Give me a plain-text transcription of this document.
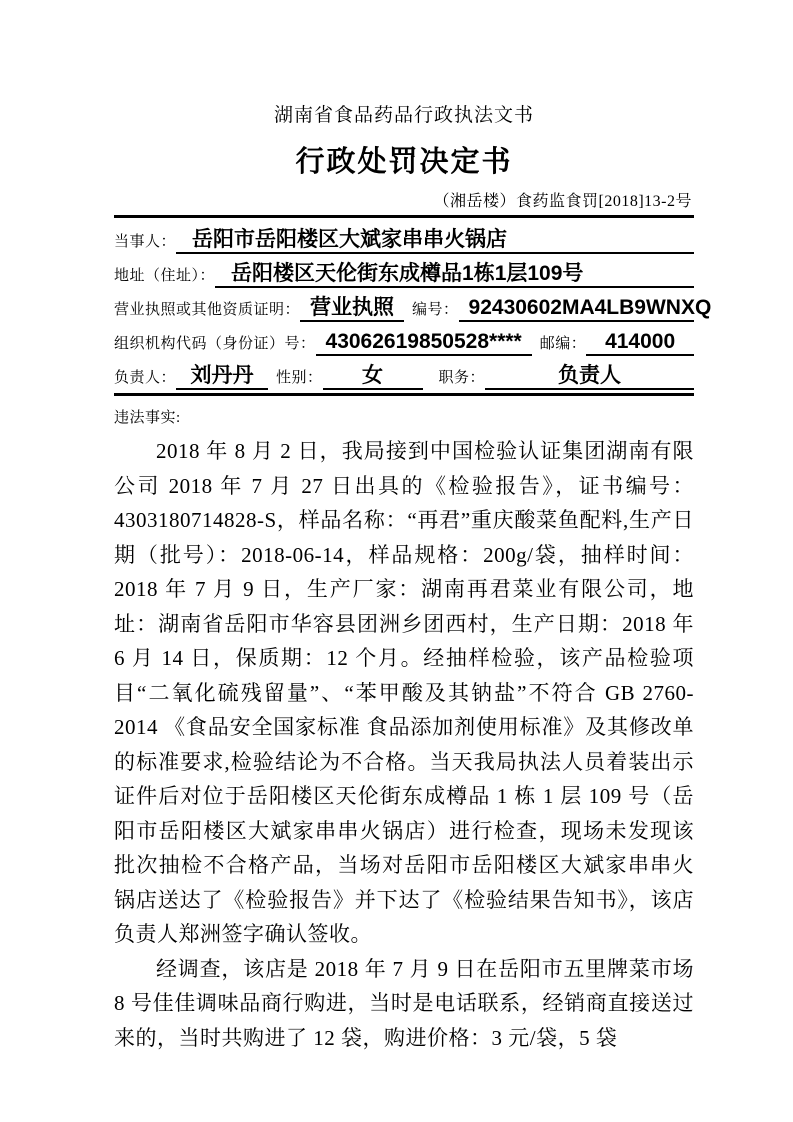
湖南省食品药品行政执法文书
行政处罚决定书
（湘岳楼）食药监食罚[2018]13-2号
当事人： 岳阳市岳阳楼区大斌家串串火锅店
地址（住址）： 岳阳楼区天伦街东成樽品1栋1层109号
营业执照或其他资质证明： 营业执照	编号： 92430602MA4LB9WNXQ
组织机构代码（身份证）号： 43062619850528****	邮编： 414000
负责人： 刘丹丹	性别：	女	职务：	负责人
违法事实:

2018 年 8 月 2 日，我局接到中国检验认证集团湖南有限公司 2018 年 7 月 27 日出具的《检验报告》，证书编号：4303180714828-S，样品名称：“再君”重庆酸菜鱼配料,生产日期（批号）：2018-06-14，样品规格：200g/袋，抽样时间：2018 年 7 月 9 日，生产厂家：湖南再君菜业有限公司，地址：湖南省岳阳市华容县团洲乡团西村，生产日期：2018 年 6 月 14 日，保质期：12 个月。经抽样检验，该产品检验项目“二氧化硫残留量”、“苯甲酸及其钠盐”不符合 GB 2760-2014 《食品安全国家标准 食品添加剂使用标准》及其修改单的标准要求,检验结论为不合格。当天我局执法人员着装出示证件后对位于岳阳楼区天伦街东成樽品 1 栋 1 层 109 号（岳阳市岳阳楼区大斌家串串火锅店）进行检查，现场未发现该批次抽检不合格产品，当场对岳阳市岳阳楼区大斌家串串火锅店送达了《检验报告》并下达了《检验结果告知书》，该店负责人郑洲签字确认签收。

经调查，该店是 2018 年 7 月 9 日在岳阳市五里牌菜市场 8 号佳佳调味品商行购进，当时是电话联系，经销商直接送过来的，当时共购进了 12 袋，购进价格：3 元/袋，5 袋
